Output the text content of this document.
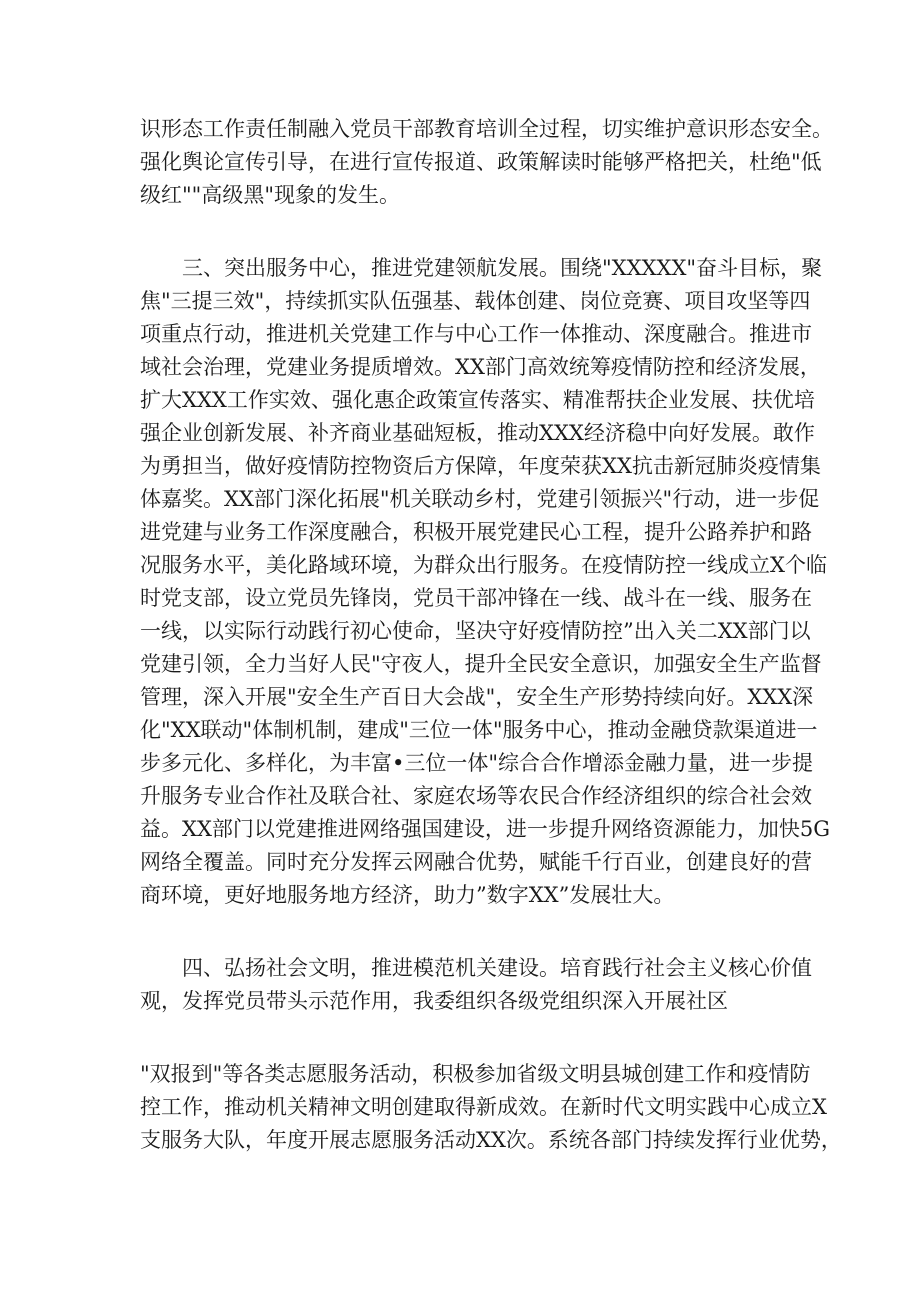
识形态工作责任制融入党员干部教育培训全过程，切实维护意识形态安全。
强化舆论宣传引导，在进行宣传报道、政策解读时能够严格把关，杜绝"低
级红""高级黑"现象的发生。
三、突出服务中心，推进党建领航发展。围绕"XXXXX"奋斗目标，聚
焦"三提三效"，持续抓实队伍强基、载体创建、岗位竞赛、项目攻坚等四
项重点行动，推进机关党建工作与中心工作一体推动、深度融合。推进市
域社会治理，党建业务提质增效。XX部门高效统筹疫情防控和经济发展，
扩大XXX工作实效、强化惠企政策宣传落实、精准帮扶企业发展、扶优培
强企业创新发展、补齐商业基础短板，推动XXX经济稳中向好发展。敢作
为勇担当，做好疫情防控物资后方保障，年度荣获XX抗击新冠肺炎疫情集
体嘉奖。XX部门深化拓展"机关联动乡村，党建引领振兴"行动，进一步促
进党建与业务工作深度融合，积极开展党建民心工程，提升公路养护和路
况服务水平，美化路域环境，为群众出行服务。在疫情防控一线成立X个临
时党支部，设立党员先锋岗，党员干部冲锋在一线、战斗在一线、服务在
一线，以实际行动践行初心使命，坚决守好疫情防控”出入关二XX部门以
党建引领，全力当好人民"守夜人，提升全民安全意识，加强安全生产监督
管理，深入开展"安全生产百日大会战"，安全生产形势持续向好。XXX深
化"XX联动"体制机制，建成"三位一体"服务中心，推动金融贷款渠道进一
步多元化、多样化，为丰富•三位一体"综合合作增添金融力量，进一步提
升服务专业合作社及联合社、家庭农场等农民合作经济组织的综合社会效
益。XX部门以党建推进网络强国建设，进一步提升网络资源能力，加快5G
网络全覆盖。同时充分发挥云网融合优势，赋能千行百业，创建良好的营
商环境，更好地服务地方经济，助力”数字XX”发展壮大。
四、弘扬社会文明，推进模范机关建设。培育践行社会主义核心价值
观，发挥党员带头示范作用，我委组织各级党组织深入开展社区
"双报到"等各类志愿服务活动，积极参加省级文明县城创建工作和疫情防
控工作，推动机关精神文明创建取得新成效。在新时代文明实践中心成立X
支服务大队，年度开展志愿服务活动XX次。系统各部门持续发挥行业优势，
